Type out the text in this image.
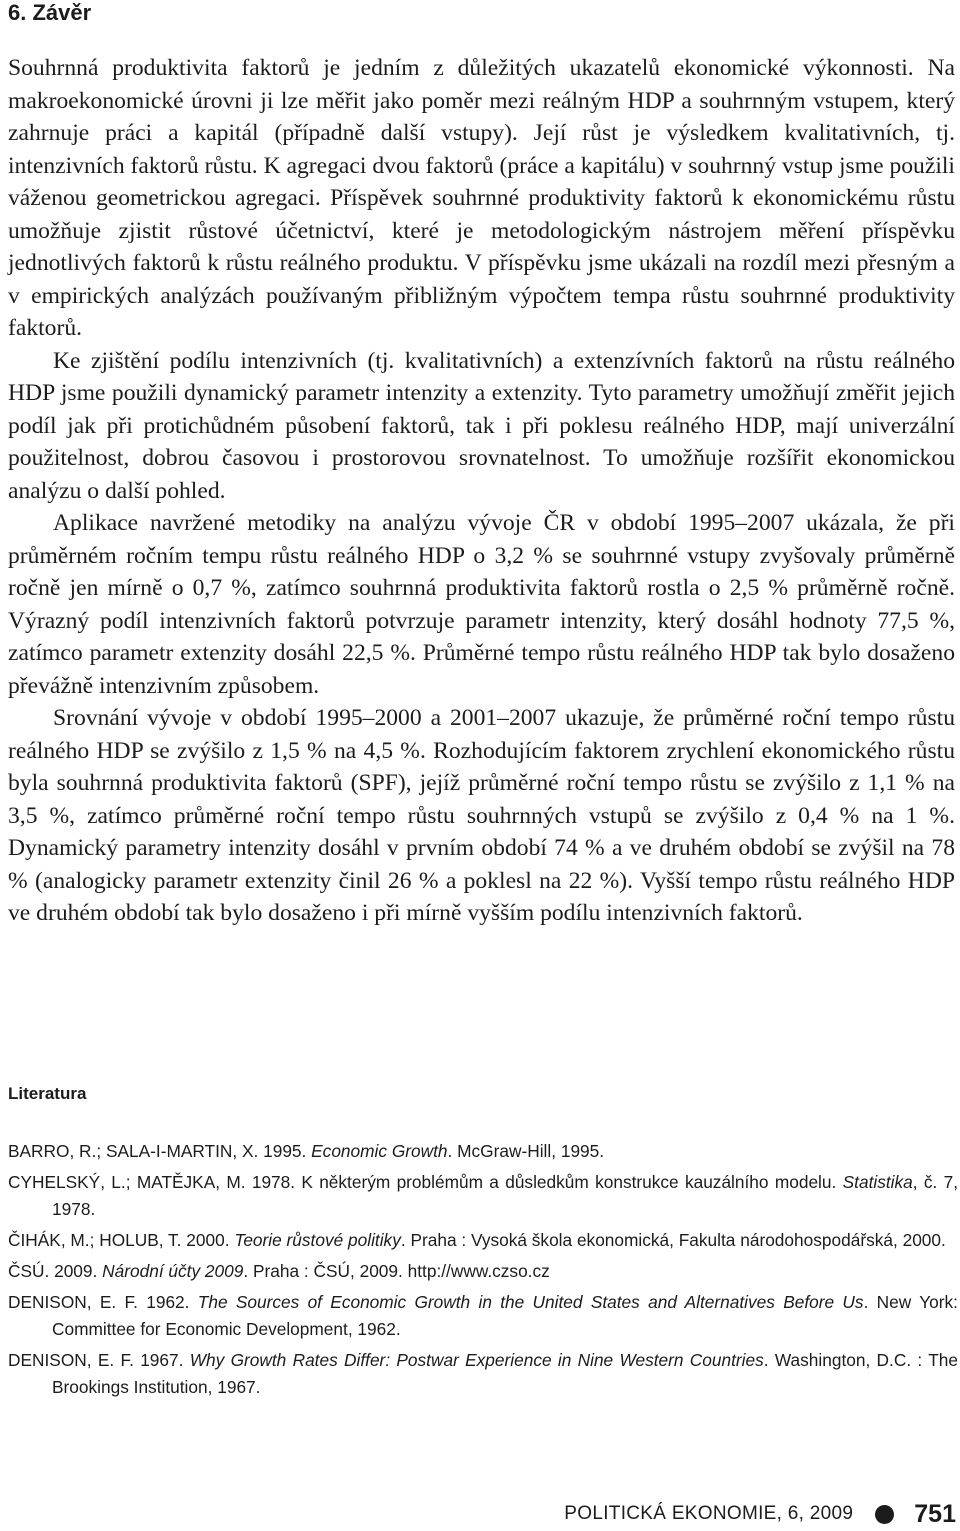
6. Závěr

Souhrnná produktivita faktorů je jedním z důležitých ukazatelů ekonomické výkonnosti. Na makroekonomické úrovni ji lze měřit jako poměr mezi reálným HDP a souhrnným vstupem, který zahrnuje práci a kapitál (případně další vstupy). Její růst je výsledkem kvalitativních, tj. intenzivních faktorů růstu. K agregaci dvou faktorů (práce a kapitálu) v souhrnný vstup jsme použili váženou geometrickou agregaci. Příspěvek souhrnné produktivity faktorů k ekonomickému růstu umožňuje zjistit růstové účetnictví, které je metodologickým nástrojem měření příspěvku jednotlivých faktorů k růstu reálného produktu. V příspěvku jsme ukázali na rozdíl mezi přesným a v empirických analýzách používaným přibližným výpočtem tempa růstu souhrnné produktivity faktorů.

Ke zjištění podílu intenzivních (tj. kvalitativních) a extenzívních faktorů na růstu reálného HDP jsme použili dynamický parametr intenzity a extenzity. Tyto parametry umožňují změřit jejich podíl jak při protichůdném působení faktorů, tak i při poklesu reálného HDP, mají univerzální použitelnost, dobrou časovou i prostorovou srovnatelnost. To umožňuje rozšířit ekonomickou analýzu o další pohled.

Aplikace navržené metodiky na analýzu vývoje ČR v období 1995–2007 ukázala, že při průměrném ročním tempu růstu reálného HDP o 3,2 % se souhrnné vstupy zvyšovaly průměrně ročně jen mírně o 0,7 %, zatímco souhrnná produktivita faktorů rostla o 2,5 % průměrně ročně. Výrazný podíl intenzivních faktorů potvrzuje parametr intenzity, který dosáhl hodnoty 77,5 %, zatímco parametr extenzity dosáhl 22,5 %. Průměrné tempo růstu reálného HDP tak bylo dosaženo převážně intenzivním způsobem.

Srovnání vývoje v období 1995–2000 a 2001–2007 ukazuje, že průměrné roční tempo růstu reálného HDP se zvýšilo z 1,5 % na 4,5 %. Rozhodujícím faktorem zrychlení ekonomického růstu byla souhrnná produktivita faktorů (SPF), jejíž průměrné roční tempo růstu se zvýšilo z 1,1 % na 3,5 %, zatímco průměrné roční tempo růstu souhrnných vstupů se zvýšilo z 0,4 % na 1 %. Dynamický parametry intenzity dosáhl v prvním období 74 % a ve druhém období se zvýšil na 78 % (analogicky parametr extenzity činil 26 % a poklesl na 22 %). Vyšší tempo růstu reálného HDP ve druhém období tak bylo dosaženo i při mírně vyšším podílu intenzivních faktorů.

Literatura
BARRO, R.; SALA-I-MARTIN, X. 1995. Economic Growth. McGraw-Hill, 1995.
CYHELSKÝ, L.; MATĚJKA, M. 1978. K některým problémům a důsledkům konstrukce kauzálního modelu. Statistika, č. 7, 1978.
ČIHÁK, M.; HOLUB, T. 2000. Teorie růstové politiky. Praha : Vysoká škola ekonomická, Fakulta národohospodářská, 2000.
ČSÚ. 2009. Národní účty 2009. Praha : ČSÚ, 2009. http://www.czso.cz
DENISON, E. F. 1962. The Sources of Economic Growth in the United States and Alternatives Before Us. New York: Committee for Economic Development, 1962.
DENISON, E. F. 1967. Why Growth Rates Differ: Postwar Experience in Nine Western Countries. Washington, D.C. : The Brookings Institution, 1967.
POLITICKÁ EKONOMIE, 6, 2009 751
